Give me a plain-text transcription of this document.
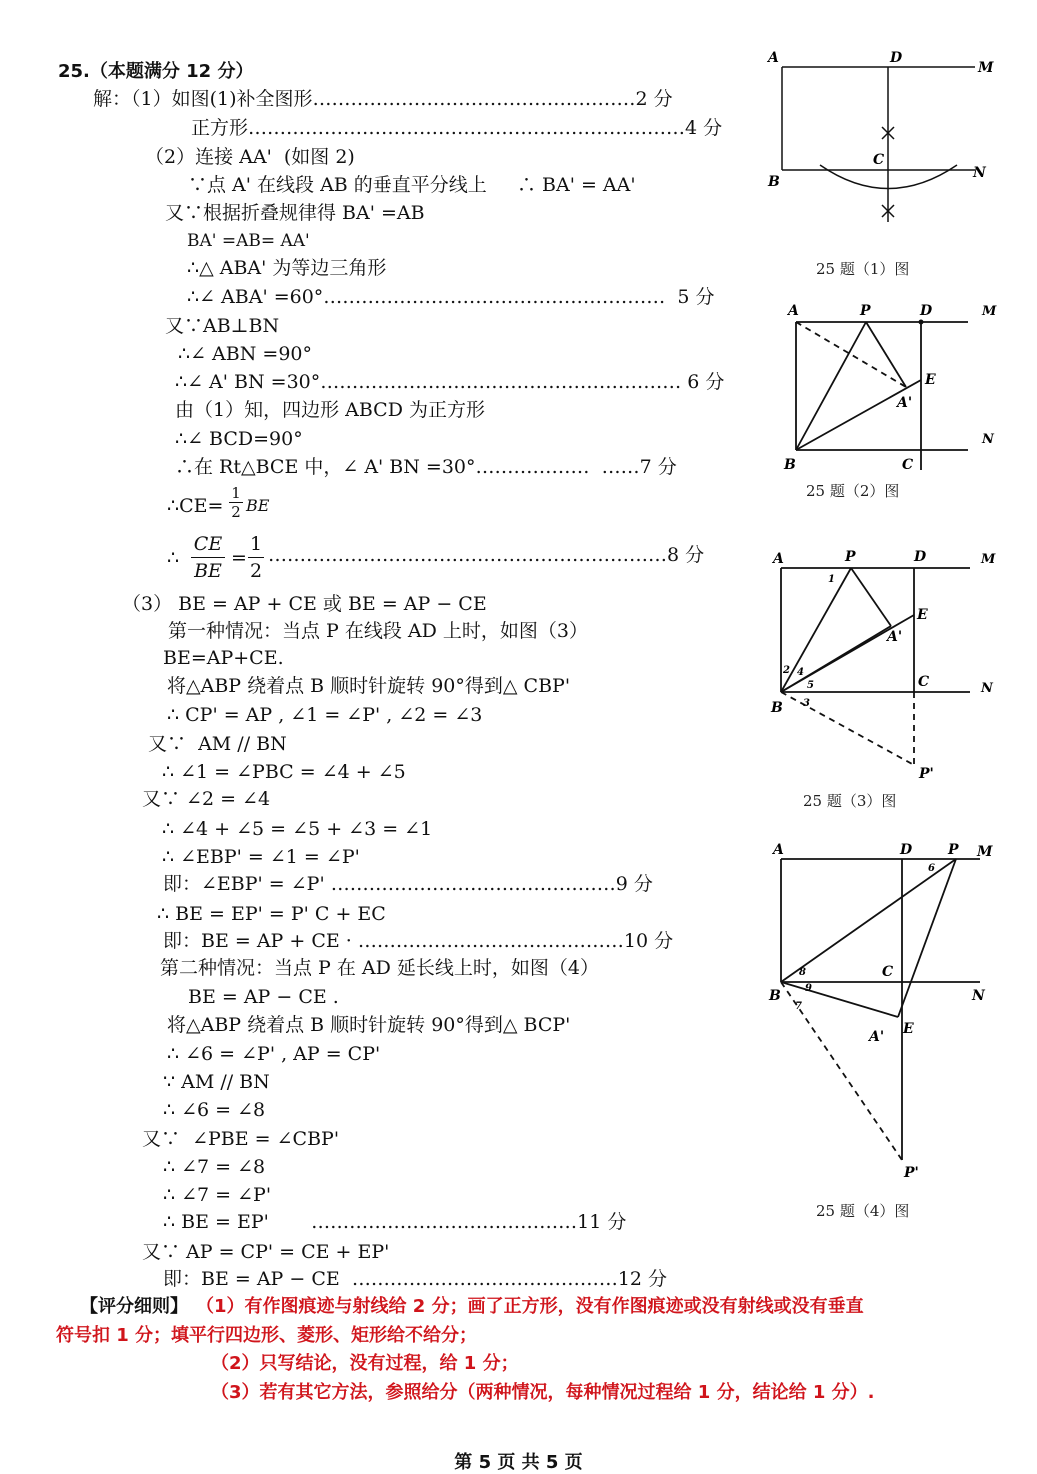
25.（本题满分 12 分）
解：（1）如图(1)补全图形……………………………………………2 分
正方形……………………………………………………………4 分
（2）连接 AA'  (如图 2)
∵点 A' 在线段 AB 的垂直平分线上     ∴ BA' = AA'
又∵根据折叠规律得 BA' =AB
BA' =AB= AA'
∴△ ABA' 为等边三角形
∴∠ ABA' =60°………………………………………………  5 分
又∵AB⊥BN
∴∠ ABN =90°
∴∠ A' BN =30°………………………………………………… 6 分
由（1）知，四边形 ABCD 为正方形
∴∠ BCD=90°
∴在 Rt△BCE 中，∠ A' BN =30°………………  ……7 分
∴CE= $\frac{1}{2}$ BE
∴ $\frac{CE}{BE} = \frac{1}{2}$ ………………………………………………………8 分
（3） BE = AP + CE 或 BE = AP − CE
第一种情况：当点 P 在线段 AD 上时，如图（3）
BE=AP+CE.
将△ABP 绕着点 B 顺时针旋转 90°得到△ CBP'
∴ CP' = AP , ∠1 = ∠P' , ∠2 = ∠3
又∵  AM // BN
∴ ∠1 = ∠PBC = ∠4 + ∠5
又∵ ∠2 = ∠4
∴ ∠4 + ∠5 = ∠5 + ∠3 = ∠1
∴ ∠EBP' = ∠1 = ∠P'
即：∠EBP' = ∠P' ………………………………………9 分
∴ BE = EP' = P' C + EC
即：BE = AP + CE · ……………………………………10 分
第二种情况：当点 P 在 AD 延长线上时，如图（4）
BE = AP − CE .
将△ABP 绕着点 B 顺时针旋转 90°得到△ BCP'
∴ ∠6 = ∠P' , AP = CP'
∵ AM // BN
∴ ∠6 = ∠8
又∵  ∠PBE = ∠CBP'
∴ ∠7 = ∠8
∴ ∠7 = ∠P'
∴ BE = EP'       ……………………………………11 分
又∵ AP = CP' = CE + EP'
即：BE = AP − CE  ……………………………………12 分
【评分细则】 （1）有作图痕迹与射线给 2 分；画了正方形，没有作图痕迹或没有射线或没有垂直
符号扣 1 分；填平行四边形、菱形、矩形给不给分；
（2）只写结论，没有过程，给 1 分；
（3）若有其它方法，参照给分（两种情况，每种情况过程给 1 分，结论给 1 分）.
第 5 页 共 5 页
A	D
M
B
C
N
25 题（1）图
A	P	D	M
E
A'
N
B	C
25 题（2）图
A	P	D	M
1
E
A'
2 4
5	C	N
B 3
P'
25 题（3）图
A	D	P M
6
C
8
9
B	N
7
A' E
P'
25 题（4）图
